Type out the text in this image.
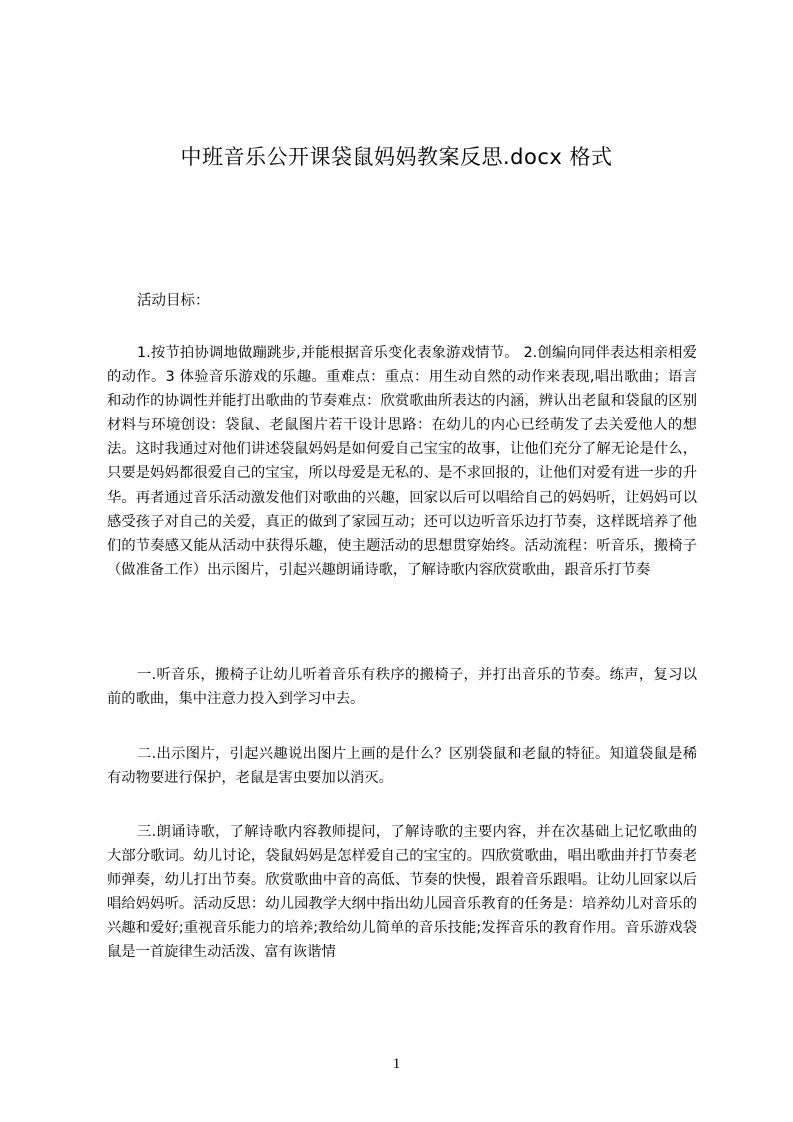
中班音乐公开课袋鼠妈妈教案反思.docx 格式
活动目标：
1.按节拍协调地做蹦跳步,并能根据音乐变化表象游戏情节。 2.创编向同伴表达相亲相爱的动作。3 体验音乐游戏的乐趣。重难点：重点：用生动自然的动作来表现,唱出歌曲；语言和动作的协调性并能打出歌曲的节奏难点：欣赏歌曲所表达的内涵，辨认出老鼠和袋鼠的区别材料与环境创设：袋鼠、老鼠图片若干设计思路：在幼儿的内心已经萌发了去关爱他人的想法。这时我通过对他们讲述袋鼠妈妈是如何爱自己宝宝的故事，让他们充分了解无论是什么，只要是妈妈都很爱自己的宝宝，所以母爱是无私的、是不求回报的，让他们对爱有进一步的升华。再者通过音乐活动激发他们对歌曲的兴趣，回家以后可以唱给自己的妈妈听，让妈妈可以感受孩子对自己的关爱，真正的做到了家园互动；还可以边听音乐边打节奏，这样既培养了他们的节奏感又能从活动中获得乐趣，使主题活动的思想贯穿始终。活动流程：听音乐，搬椅子（做准备工作）出示图片，引起兴趣朗诵诗歌，了解诗歌内容欣赏歌曲，跟音乐打节奏
一.听音乐，搬椅子让幼儿听着音乐有秩序的搬椅子，并打出音乐的节奏。练声，复习以前的歌曲，集中注意力投入到学习中去。
二.出示图片，引起兴趣说出图片上画的是什么？区别袋鼠和老鼠的特征。知道袋鼠是稀有动物要进行保护，老鼠是害虫要加以消灭。
三.朗诵诗歌，了解诗歌内容教师提问，了解诗歌的主要内容，并在次基础上记忆歌曲的大部分歌词。幼儿讨论，袋鼠妈妈是怎样爱自己的宝宝的。四欣赏歌曲，唱出歌曲并打节奏老师弹奏，幼儿打出节奏。欣赏歌曲中音的高低、节奏的快慢，跟着音乐跟唱。让幼儿回家以后唱给妈妈听。活动反思：幼儿园教学大纲中指出幼儿园音乐教育的任务是：培养幼儿对音乐的兴趣和爱好;重视音乐能力的培养;教给幼儿简单的音乐技能;发挥音乐的教育作用。音乐游戏袋鼠是一首旋律生动活泼、富有诙谐情
1
